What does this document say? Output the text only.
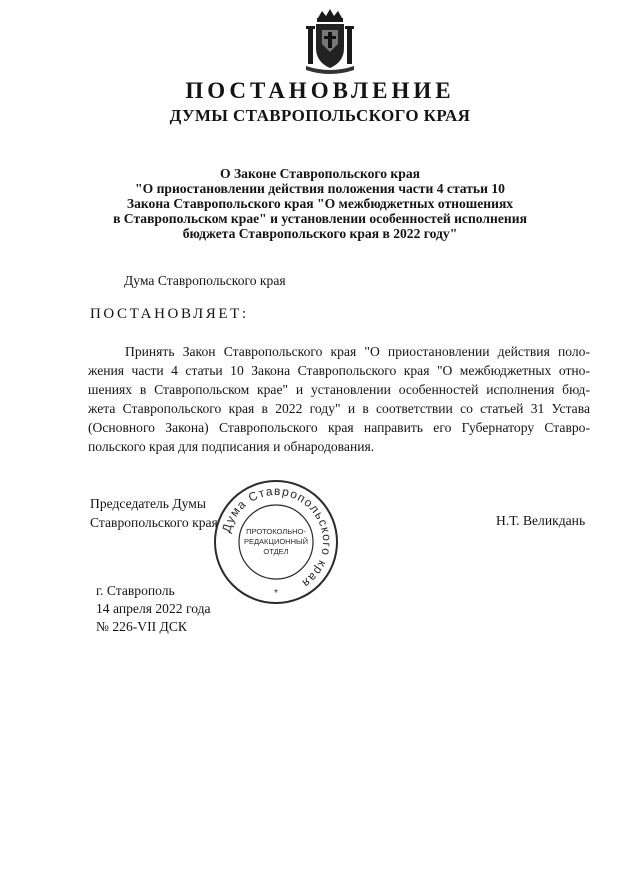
ПОСТАНОВЛЕНИЕ
ДУМЫ СТАВРОПОЛЬСКОГО КРАЯ
О Законе Ставропольского края
"О приостановлении действия положения части 4 статьи 10
Закона Ставропольского края "О межбюджетных отношениях
в Ставропольском крае" и установлении особенностей исполнения
бюджета Ставропольского края в 2022 году"
Дума Ставропольского края
ПОСТАНОВЛЯЕТ:
Принять Закон Ставропольского края "О приостановлении действия поло-
жения части 4 статьи 10 Закона Ставропольского края "О межбюджетных отно-
шениях в Ставропольском крае" и установлении особенностей исполнения бюд-
жета Ставропольского края в 2022 году" и в соответствии со статьей 31 Устава
(Основного Закона) Ставропольского края направить его Губернатору Ставро-
польского края для подписания и обнародования.
Председатель Думы
Ставропольского края	Н.Т. Великдань
Дума Ставропольского края
ПРОТОКОЛЬНО-
РЕДАКЦИОННЫЙ
ОТДЕЛ
*
г. Ставрополь
14 апреля 2022 года
№ 226-VII ДСК
